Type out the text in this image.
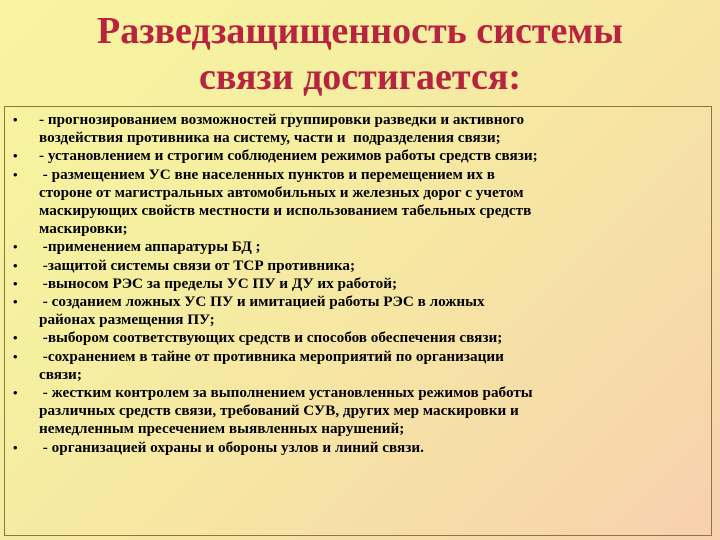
Разведзащищенность системы
связи достигается:
• - прогнозированием возможностей группировки разведки и активного
воздействия противника на систему, части и  подразделения связи;
• - установлением и строгим соблюдением режимов работы средств связи;
• - размещением УС вне населенных пунктов и перемещением их в
стороне от магистральных автомобильных и железных дорог с учетом
маскирующих свойств местности и использованием табельных средств
маскировки;
• -применением аппаратуры БД ;
• -защитой системы связи от ТСР противника;
• -выносом РЭС за пределы УС ПУ и ДУ их работой;
• - созданием ложных УС ПУ и имитацией работы РЭС в ложных
районах размещения ПУ;
• -выбором соответствующих средств и способов обеспечения связи;
• -сохранением в тайне от противника мероприятий по организации
связи;
• - жестким контролем за выполнением установленных режимов работы
различных средств связи, требований СУВ, других мер маскировки и
немедленным пресечением выявленных нарушений;
• - организацией охраны и обороны узлов и линий связи.
